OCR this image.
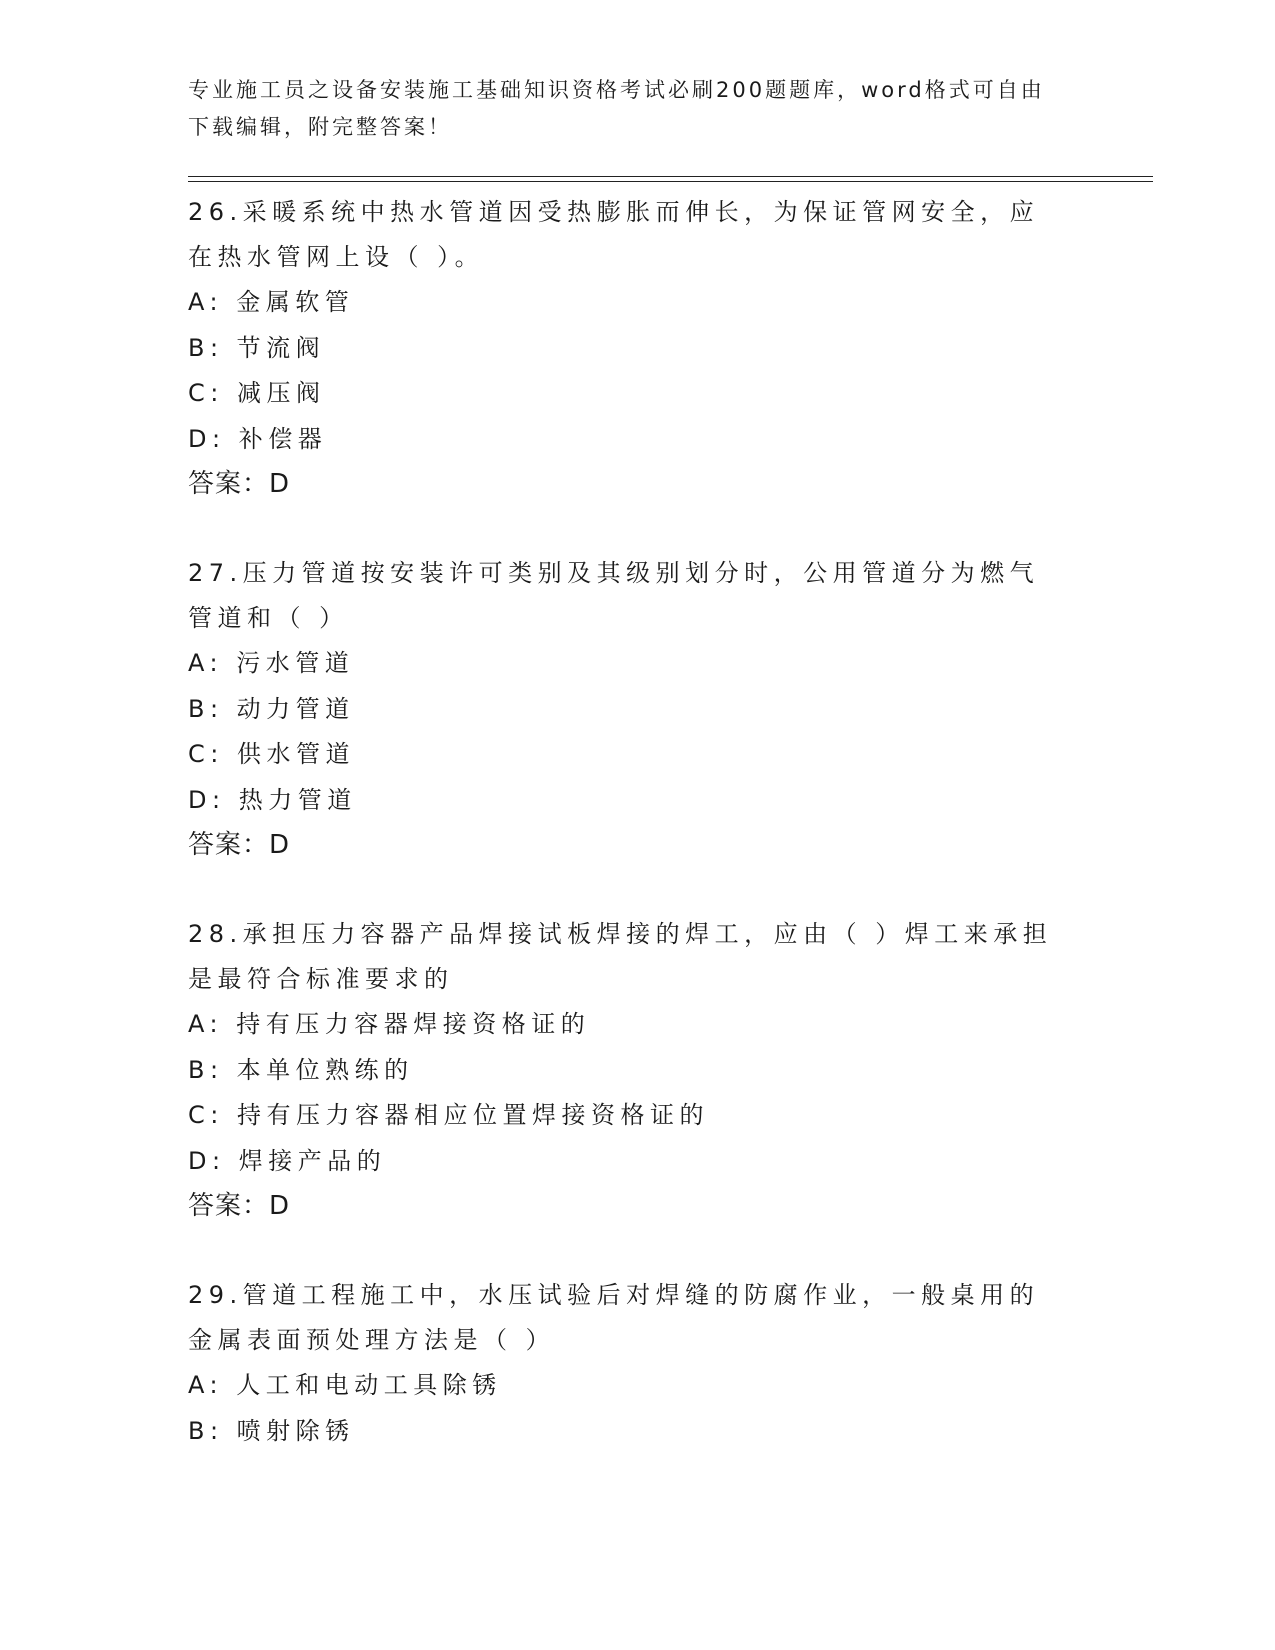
专业施工员之设备安装施工基础知识资格考试必刷200题题库，word格式可自由下载编辑，附完整答案！

26.采暖系统中热水管道因受热膨胀而伸长，为保证管网安全，应在热水管网上设（ ）。

A: 金属软管

B: 节流阀

C: 减压阀

D: 补偿器

答案：D

27.压力管道按安装许可类别及其级别划分时，公用管道分为燃气管道和（ ）

A: 污水管道

B: 动力管道

C: 供水管道

D: 热力管道

答案：D

28.承担压力容器产品焊接试板焊接的焊工，应由（ ）焊工来承担是最符合标准要求的

A: 持有压力容器焊接资格证的

B: 本单位熟练的

C: 持有压力容器相应位置焊接资格证的

D: 焊接产品的

答案：D

29.管道工程施工中，水压试验后对焊缝的防腐作业，一般桌用的金属表面预处理方法是（ ）

A: 人工和电动工具除锈

B: 喷射除锈
